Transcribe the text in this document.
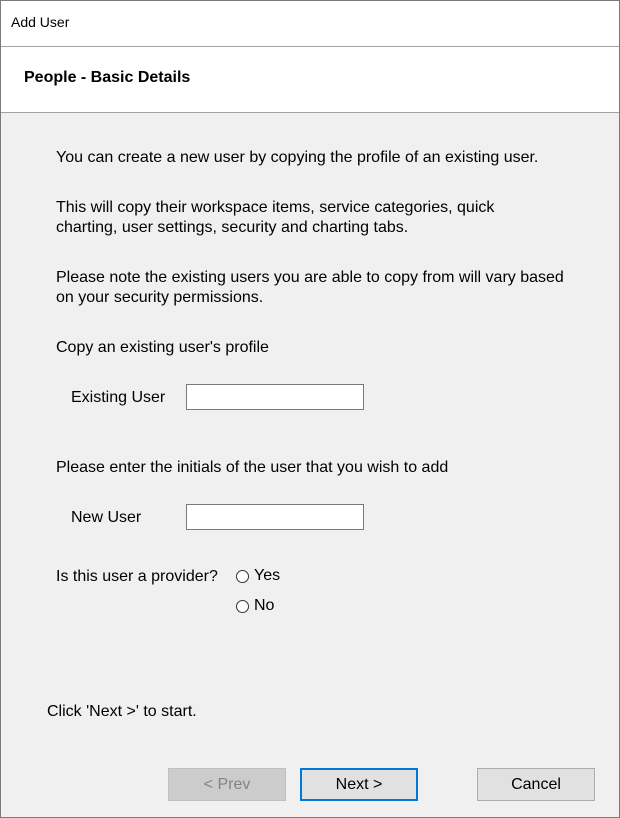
Add User
People - Basic Details
You can create a new user by copying the profile of an existing user.
This will copy their workspace items, service categories, quick charting, user settings, security and charting tabs.
Please note the existing users you are able to copy from will vary based on your security permissions.
Copy an existing user's profile
Existing User
Please enter the initials of the user that you wish to add
New User
Is this user a provider? Yes
No
Click 'Next >' to start.
< Prev	Next >	Cancel
